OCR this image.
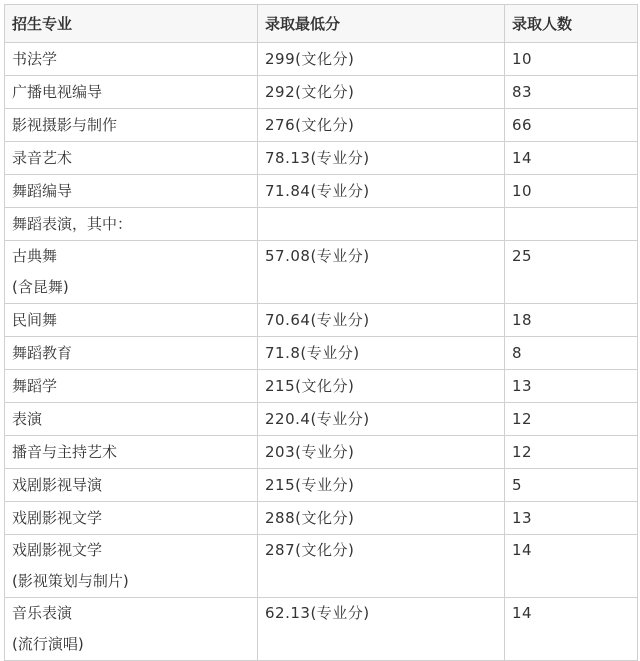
招生专业	录取最低分	录取人数
书法学	299(文化分)	10
广播电视编导	292(文化分)	83
影视摄影与制作	276(文化分)	66
录音艺术	78.13(专业分)	14
舞蹈编导	71.84(专业分)	10
舞蹈表演，其中：		

古典舞
(含昆舞)	57.08(专业分)	25

民间舞	70.64(专业分)	18
舞蹈教育	71.8(专业分)	8
舞蹈学	215(文化分)	13
表演	220.4(专业分)	12
播音与主持艺术	203(专业分)	12
戏剧影视导演	215(专业分)	5
戏剧影视文学	288(文化分)	13

戏剧影视文学
(影视策划与制片)	287(文化分)	14

音乐表演
(流行演唱)	62.13(专业分)	14
